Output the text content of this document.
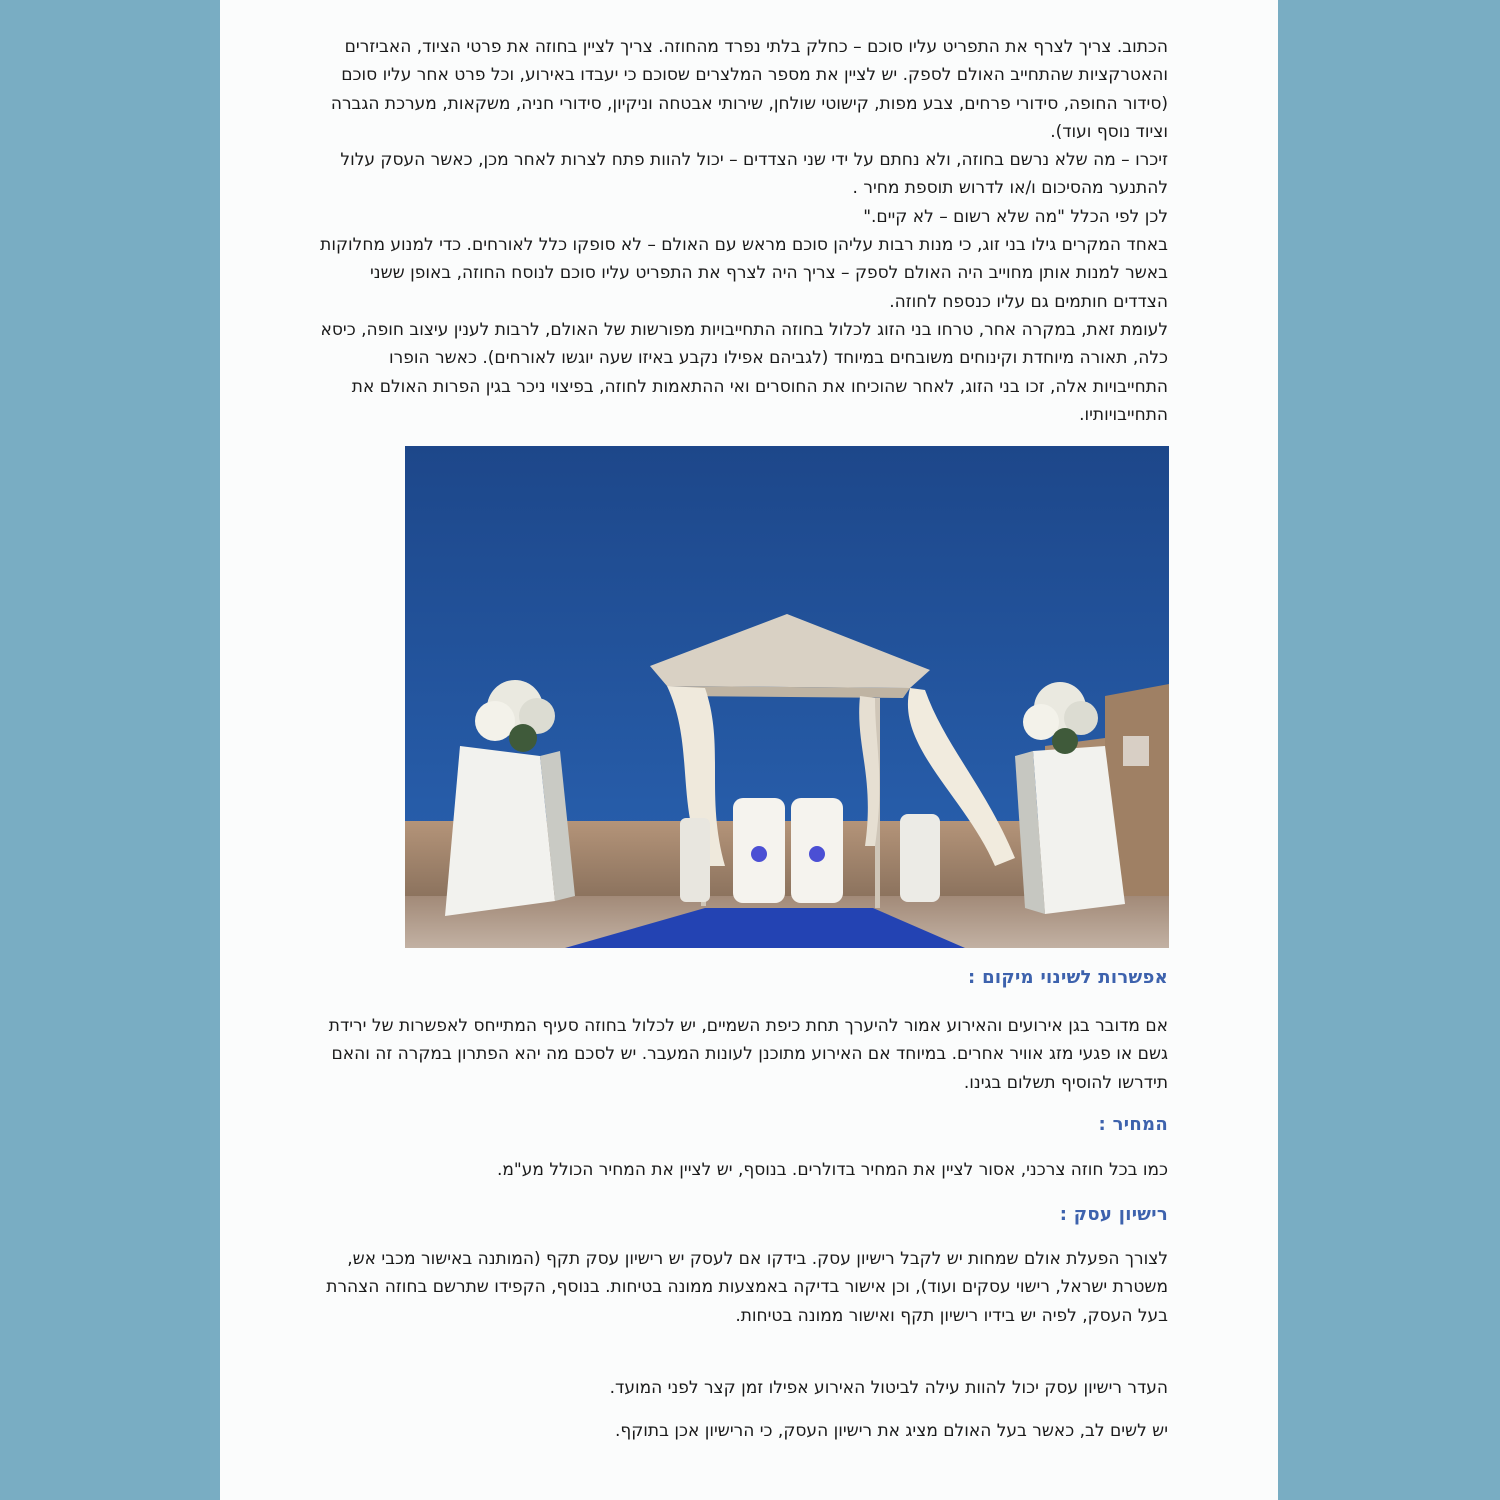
הכתוב. צריך לצרף את התפריט עליו סוכם – כחלק בלתי נפרד מהחוזה. צריך לציין בחוזה את פרטי הציוד, האביזרים והאטרקציות שהתחייב האולם לספק. יש לציין את מספר המלצרים שסוכם כי יעבדו באירוע, וכל פרט אחר עליו סוכם (סידור החופה, סידורי פרחים, צבע מפות, קישוטי שולחן, שירותי אבטחה וניקיון, סידורי חניה, משקאות, מערכת הגברה וציוד נוסף ועוד).

זיכרו – מה שלא נרשם בחוזה, ולא נחתם על ידי שני הצדדים – יכול להוות פתח לצרות לאחר מכן, כאשר העסק עלול להתנער מהסיכום ו/או לדרוש תוספת מחיר .

לכן לפי הכלל "מה שלא רשום – לא קיים."

באחד המקרים גילו בני זוג, כי מנות רבות עליהן סוכם מראש עם האולם – לא סופקו כלל לאורחים. כדי למנוע מחלוקות באשר למנות אותן מחוייב היה האולם לספק – צריך היה לצרף את התפריט עליו סוכם לנוסח החוזה, באופן ששני הצדדים חותמים גם עליו כנספח לחוזה.

לעומת זאת, במקרה אחר, טרחו בני הזוג לכלול בחוזה התחייבויות מפורשות של האולם, לרבות לענין עיצוב חופה, כיסא כלה, תאורה מיוחדת וקינוחים משובחים במיוחד (לגביהם אפילו נקבע באיזו שעה יוגשו לאורחים). כאשר הופרו התחייבויות אלה, זכו בני הזוג, לאחר שהוכיחו את החוסרים ואי ההתאמות לחוזה, בפיצוי ניכר בגין הפרות האולם את התחייבויותיו.

אפשרות לשינוי מיקום :
אם מדובר בגן אירועים והאירוע אמור להיערך תחת כיפת השמיים, יש לכלול בחוזה סעיף המתייחס לאפשרות של ירידת גשם או פגעי מזג אוויר אחרים. במיוחד אם האירוע מתוכנן לעונות המעבר. יש לסכם מה יהא הפתרון במקרה זה והאם תידרשו להוסיף תשלום בגינו.
המחיר :
כמו בכל חוזה צרכני, אסור לציין את המחיר בדולרים. בנוסף, יש לציין את המחיר הכולל מע"מ.
רישיון עסק :
לצורך הפעלת אולם שמחות יש לקבל רישיון עסק. בידקו אם לעסק יש רישיון עסק תקף (המותנה באישור מכבי אש, משטרת ישראל, רישוי עסקים ועוד), וכן אישור בדיקה באמצעות ממונה בטיחות. בנוסף, הקפידו שתרשם בחוזה הצהרת בעל העסק, לפיה יש בידיו רישיון תקף ואישור ממונה בטיחות.
העדר רישיון עסק יכול להוות עילה לביטול האירוע אפילו זמן קצר לפני המועד.
יש לשים לב, כאשר בעל האולם מציג את רישיון העסק, כי הרישיון אכן בתוקף.
